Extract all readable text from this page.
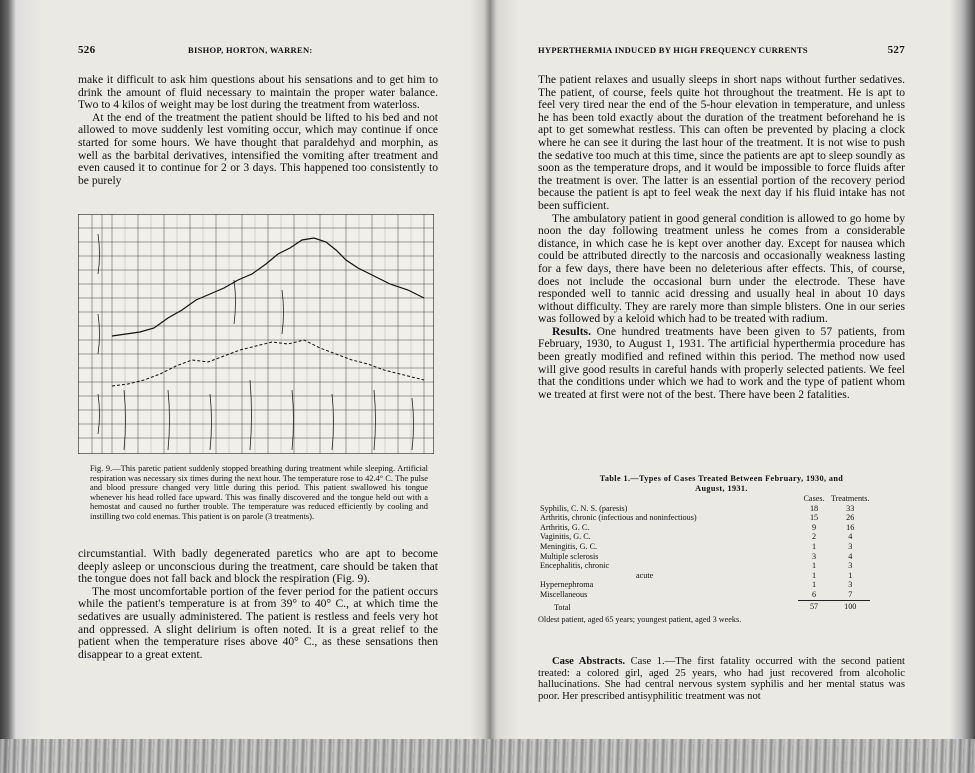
526	BISHOP, HORTON, WARREN:

make it difficult to ask him questions about his sensations and to get him to drink the amount of fluid necessary to maintain the proper water balance. Two to 4 kilos of weight may be lost during the treatment from waterloss.

At the end of the treatment the patient should be lifted to his bed and not allowed to move suddenly lest vomiting occur, which may continue if once started for some hours. We have thought that paraldehyd and morphin, as well as the barbital derivatives, intensified the vomiting after treatment and even caused it to continue for 2 or 3 days. This happened too consistently to be purely

Fig. 9.—This paretic patient suddenly stopped breathing during treatment while sleeping. Artificial respiration was necessary six times during the next hour. The temperature rose to 42.4° C. The pulse and blood pressure changed very little during this period. This patient swallowed his tongue whenever his head rolled face upward. This was finally discovered and the tongue held out with a hemostat and caused no further trouble. The temperature was reduced efficiently by cooling and instilling two cold enemas. This patient is on parole (3 treatments).

circumstantial. With badly degenerated paretics who are apt to become deeply asleep or unconscious during the treatment, care should be taken that the tongue does not fall back and block the respiration (Fig. 9).

The most uncomfortable portion of the fever period for the patient occurs while the patient's temperature is at from 39° to 40° C., at which time the sedatives are usually administered. The patient is restless and feels very hot and oppressed. A slight delirium is often noted. It is a great relief to the patient when the temperature rises above 40° C., as these sensations then disappear to a great extent.

HYPERTHERMIA INDUCED BY HIGH FREQUENCY CURRENTS	527

The patient relaxes and usually sleeps in short naps without further sedatives. The patient, of course, feels quite hot throughout the treatment. He is apt to feel very tired near the end of the 5-hour elevation in temperature, and unless he has been told exactly about the duration of the treatment beforehand he is apt to get somewhat restless. This can often be prevented by placing a clock where he can see it during the last hour of the treatment. It is not wise to push the sedative too much at this time, since the patients are apt to sleep soundly as soon as the temperature drops, and it would be impossible to force fluids after the treatment is over. The latter is an essential portion of the recovery period because the patient is apt to feel weak the next day if his fluid intake has not been sufficient.

The ambulatory patient in good general condition is allowed to go home by noon the day following treatment unless he comes from a considerable distance, in which case he is kept over another day. Except for nausea which could be attributed directly to the narcosis and occasionally weakness lasting for a few days, there have been no deleterious after effects. This, of course, does not include the occasional burn under the electrode. These have responded well to tannic acid dressing and usually heal in about 10 days without difficulty. They are rarely more than simple blisters. One in our series was followed by a keloid which had to be treated with radium.

Results. One hundred treatments have been given to 57 patients, from February, 1930, to August 1, 1931. The artificial hyperthermia procedure has been greatly modified and refined within this period. The method now used will give good results in careful hands with properly selected patients. We feel that the conditions under which we had to work and the type of patient whom we treated at first were not of the best. There have been 2 fatalities.

Table 1.—Types of Cases Treated Between February, 1930, and
August, 1931.
	Cases.	Treatments.
Syphilis, C. N. S. (paresis)	18	33
Arthritis, chronic (infectious and noninfectious)	15	26
Arthritis, G. C.	9	16
Vaginitis, G. C.	2	4
Meningitis, G. C.	1	3
Multiple sclerosis	3	4
Encephalitis, chronic	1	3
acute	1	1
Hypernephroma	1	3
Miscellaneous	6	7
Total	57	100
Oldest patient, aged 65 years; youngest patient, aged 3 weeks.

Case Abstracts. Case 1.—The first fatality occurred with the second patient treated: a colored girl, aged 25 years, who had just recovered from alcoholic hallucinations. She had central nervous system syphilis and her mental status was poor. Her prescribed antisyphilitic treatment was not
